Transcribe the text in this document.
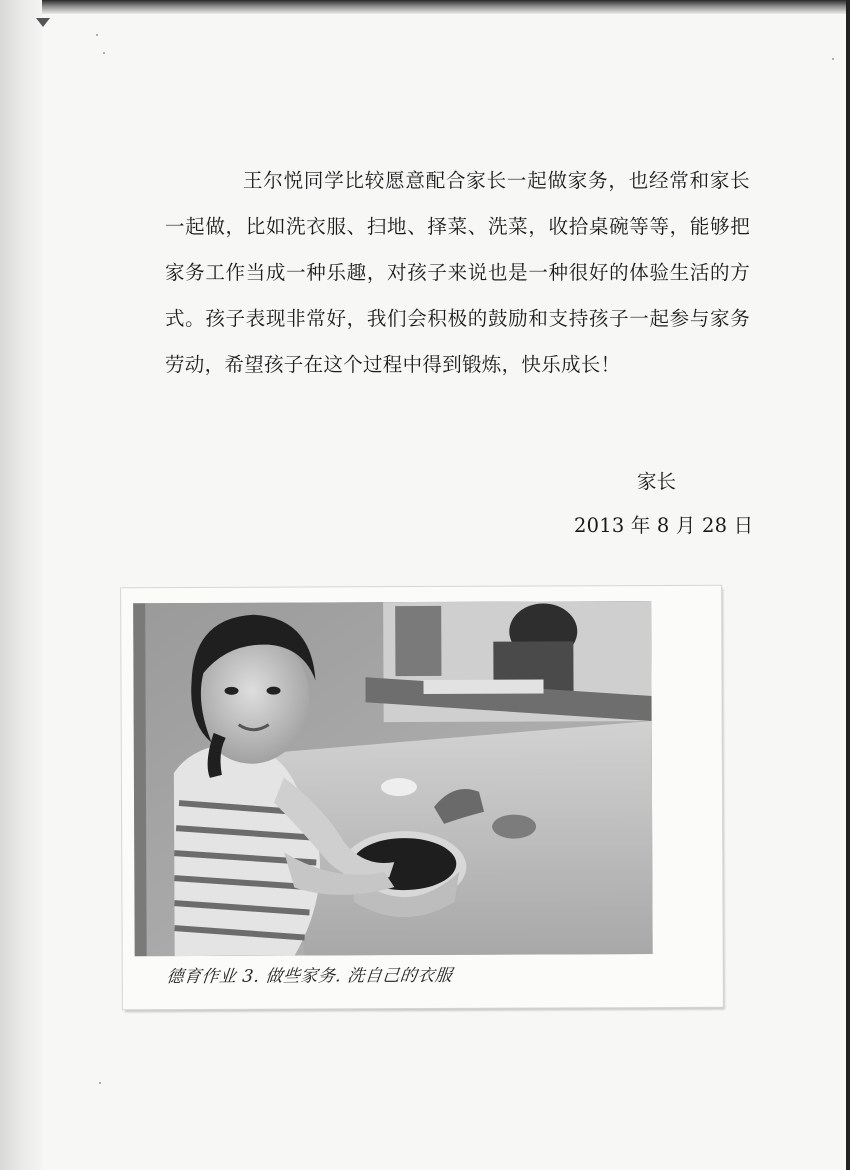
王尔悦同学比较愿意配合家长一起做家务，也经常和家长一起做，比如洗衣服、扫地、择菜、洗菜，收拾桌碗等等，能够把家务工作当成一种乐趣，对孩子来说也是一种很好的体验生活的方式。孩子表现非常好，我们会积极的鼓励和支持孩子一起参与家务劳动，希望孩子在这个过程中得到锻炼，快乐成长！
家长
2013 年 8 月 28 日
德育作业 3. 做些家务. 洗自己的衣服
